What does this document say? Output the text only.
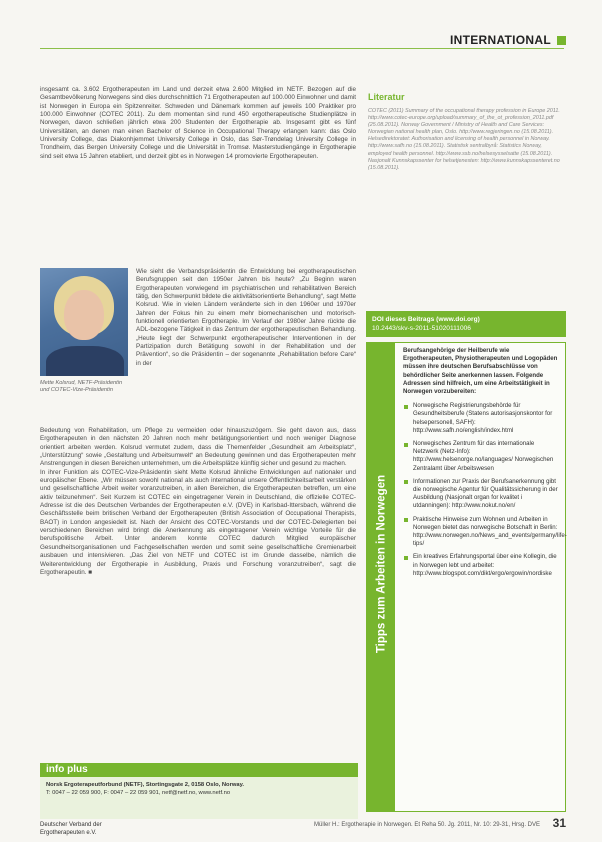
INTERNATIONAL

insgesamt ca. 3.602 Ergotherapeuten im Land und derzeit etwa 2.600 Mitglied im NETF. Bezogen auf die Gesamtbevölkerung Norwegens sind dies durchschnittlich 71 Ergotherapeuten auf 100.000 Einwohner und damit ist Norwegen in Europa ein Spitzenreiter. Schweden und Dänemark kommen auf jeweils 100 Praktiker pro 100.000 Einwohner (COTEC 2011). Zu dem momentan sind rund 450 ergotherapeutische Studienplätze in Norwegen, davon schließen jährlich etwa 200 Studenten der Ergotherapie ab. Insgesamt gibt es fünf Universitäten, an denen man einen Bachelor of Science in Occupational Therapy erlangen kann: das Oslo University College, das Diakonhjemmet University College in Oslo, das Sør-Trøndelag University College in Trondheim, das Bergen University College und die Universität in Tromsø. Masterstudiengänge in Ergotherapie sind seit etwa 15 Jahren etabliert, und derzeit gibt es in Norwegen 14 promovierte Ergotherapeuten.

Mette Kolsrud, NETF-Präsidentin und COTEC-Vize-Präsidentin

Wie sieht die Verbandspräsidentin die Entwicklung bei ergotherapeutischen Berufsgruppen seit den 1950er Jahren bis heute? „Zu Beginn waren Ergotherapeuten vorwiegend im psychiatrischen und rehabilitativen Bereich tätig, den Schwerpunkt bildete die aktivitätsorientierte Behandlung“, sagt Mette Kolsrud. Wie in vielen Ländern veränderte sich in den 1960er und 1970er Jahren der Fokus hin zu einem mehr biomechanischen und motorisch-funktionell orientierten Ergotherapie. Im Verlauf der 1980er Jahre rückte die ADL-bezogene Tätigkeit in das Zentrum der ergotherapeutischen Behandlung. „Heute liegt der Schwerpunkt ergotherapeutischer Interventionen in der Partizipation durch Betätigung sowohl in der Rehabilitation und der Prävention“, so die Präsidentin – der sogenannte „Rehabilitation before Care“ in der

Bedeutung von Rehabilitation, um Pflege zu vermeiden oder hinauszuzögern. Sie geht davon aus, dass Ergotherapeuten in den nächsten 20 Jahren noch mehr betätigungsorientiert und noch weniger Diagnose orientiert arbeiten werden. Kolsrud vermutet zudem, dass die Themenfelder „Gesundheit am Arbeitsplatz“, „Unterstützung“ sowie „Gestaltung und Arbeitsumwelt“ an Bedeutung gewinnen und das Ergotherapeuten mehr Anstrengungen in diesen Bereichen unternehmen, um die Arbeitsplätze künftig sicher und gesund zu machen.

In ihrer Funktion als COTEC-Vize-Präsidentin sieht Mette Kolsrud ähnliche Entwicklungen auf nationaler und europäischer Ebene. „Wir müssen sowohl national als auch international unsere Öffentlichkeitsarbeit verstärken und gesellschaftliche Arbeit weiter voranzutreiben, in allen Bereichen, die Ergotherapeuten betreffen, um eine aktiv teilzunehmen“. Seit Kurzem ist COTEC ein eingetragener Verein in Deutschland, die offizielle COTEC-Adresse ist die des Deutschen Verbandes der Ergotherapeuten e.V. (DVE) in Karlsbad-Ittersbach, während die Geschäftsstelle beim britischen Verband der Ergotherapeuten (British Association of Occupational Therapists, BAOT) in London angesiedelt ist. Nach der Ansicht des COTEC-Vorstands und der COTEC-Delegierten bei verschiedenen Bereichen wird bringt die Anerkennung als eingetragener Verein wichtige Vorteile für die berufspolitische Arbeit. Unter anderem konnte COTEC dadurch Mitglied europäischer Gesundheitsorganisationen und Fachgesellschaften werden und somit seine gesellschaftliche Gremienarbeit ausbauen und intensivieren. „Das Ziel von NETF und COTEC ist im Grunde dasselbe, nämlich die Weiterentwicklung der Ergotherapie in Ausbildung, Praxis und Forschung voranzutreiben“, sagt die Ergotherapeutin. ■

info plus
Norsk Ergoterapeutforbund (NETF), Stortingsgate 2, 0158 Oslo, Norway.
T: 0047 – 22 059 900, F: 0047 – 22 059 901, netf@netf.no, www.netf.no
Literatur
COTEC (2011) Summary of the occupational therapy profession in Europe 2011. http://www.cotec-europe.org/upload/summary_of_the_ot_profession_2011.pdf (25.08.2011). Norway Government / Ministry of Health and Care Services: Norwegian national health plan, Oslo. http://www.regjeringen.no (15.08.2011). Helsedirektoratet: Authorisation and licensing of health personnel in Norway. http://www.safh.no (15.08.2011). Statistisk sentralbyrå: Statistics Norway, employed health personnel. http://www.ssb.no/helsesysselsatte (15.08.2011). Nasjonalt Kunnskapssenter for helsetjenesten: http://www.kunnskapssenteret.no (15.08.2011).
DOI dieses Beitrags (www.doi.org)
10.2443/skv-s-2011-51020111006
Tipps zum Arbeiten in Norwegen
Berufsangehörige der Heilberufe wie Ergotherapeuten, Physiotherapeuten und Logopäden müssen ihre deutschen Berufsabschlüsse von behördlicher Seite anerkennen lassen. Folgende Adressen sind hilfreich, um eine Arbeitstätigkeit in Norwegen vorzubereiten:
Norwegische Registrierungsbehörde für Gesundheitsberufe (Statens autorisasjonskontor for helsepersonell, SAFH): http://www.safh.no/english/index.html
Norwegisches Zentrum für das internationale Netzwerk (Netz-Info): http://www.helsenorge.no/languages/ Norwegischen Zentralamt über Arbeitswesen
Informationen zur Praxis der Berufsanerkennung gibt die norwegische Agentur für Qualitätssicherung in der Ausbildung (Nasjonalt organ for kvalitet i utdanningen): http://www.nokut.no/en/
Praktische Hinweise zum Wohnen und Arbeiten in Norwegen bietet das norwegische Botschaft in Berlin: http://www.norwegen.no/News_and_events/germany/life-tips/
Ein kreatives Erfahrungsportal über eine Kollegin, die in Norwegen lebt und arbeitet: http://www.blogspot.com/dikt/ergo/ergowin/nordiske
Deutscher Verband der
Ergotherapeuten e.V.
Müller H.: Ergotherapie in Norwegen. Et Reha 50. Jg. 2011, Nr. 10: 29-31, Hrsg. DVE 31
